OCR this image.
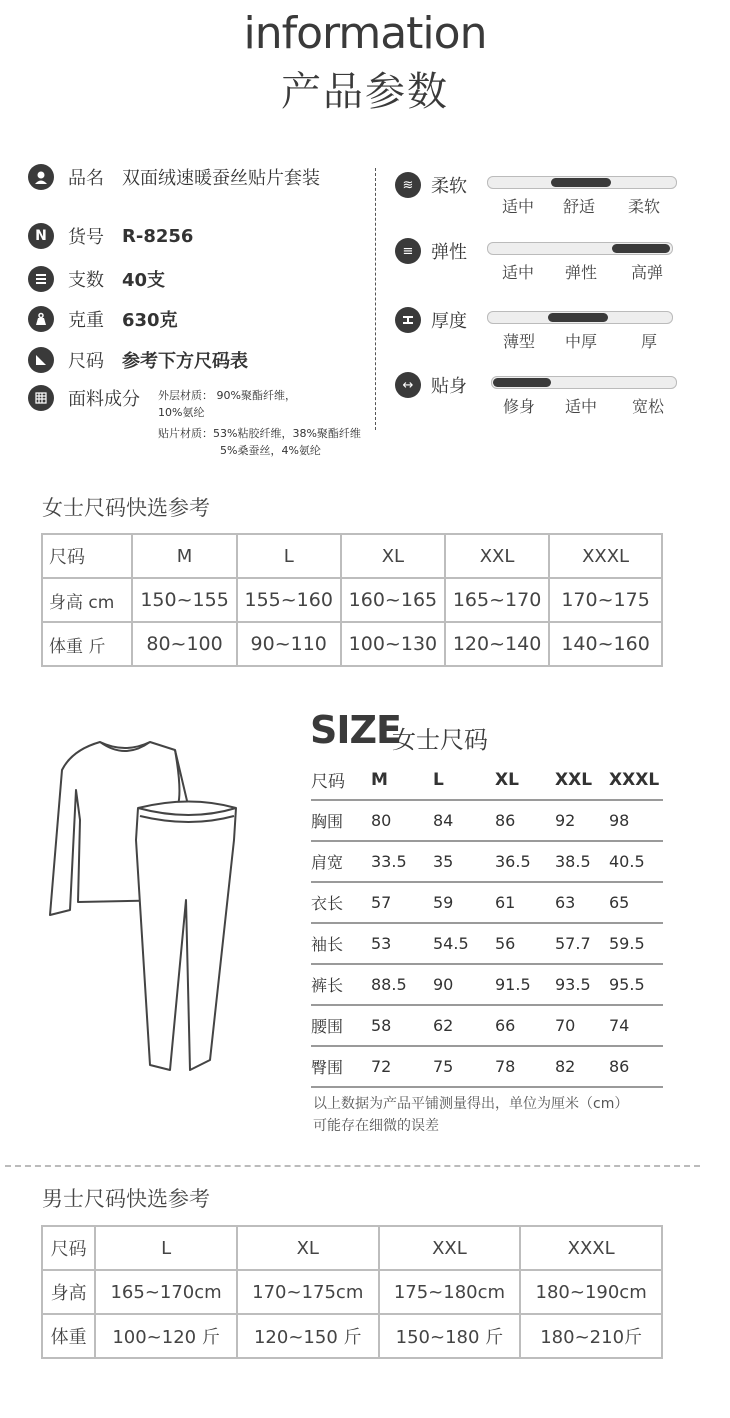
information
产品参数
品名 双面绒速暖蚕丝贴片套装
N	货号 R-8256
支数 40支
克重 630克
尺码 参考下方尺码表
面料成分 外层材质： 90%聚酯纤维，
10%氨纶
贴片材质：53%粘胶纤维，38%聚酯纤维
5%桑蚕丝，4%氨纶
≋ 柔软
适中 舒适 柔软
≡ 弹性
适中 弹性 高弹
厚度
薄型 中厚	厚
↔ 贴身
修身 适中 宽松
女士尺码快选参考
尺码	M	L	XL	XXL	XXXL
身高 cm	150~155	155~160	160~165	165~170	170~175
体重 斤	80~100	90~110	100~130	120~140	140~160
SIZE
女士尺码
尺码	M	L	XL	XXL	XXXL
胸围	80	84	86	92	98
肩宽	33.5	35	36.5	38.5	40.5
衣长	57	59	61	63	65
袖长	53	54.5	56	57.7	59.5
裤长	88.5	90	91.5	93.5	95.5
腰围	58	62	66	70	74
臀围	72	75	78	82	86
以上数据为产品平铺测量得出，单位为厘米（cm）
可能存在细微的误差
男士尺码快选参考
尺码	L	XL	XXL	XXXL
身高	165~170cm	170~175cm	175~180cm	180~190cm
体重	100~120 斤	120~150 斤	150~180 斤	180~210斤
